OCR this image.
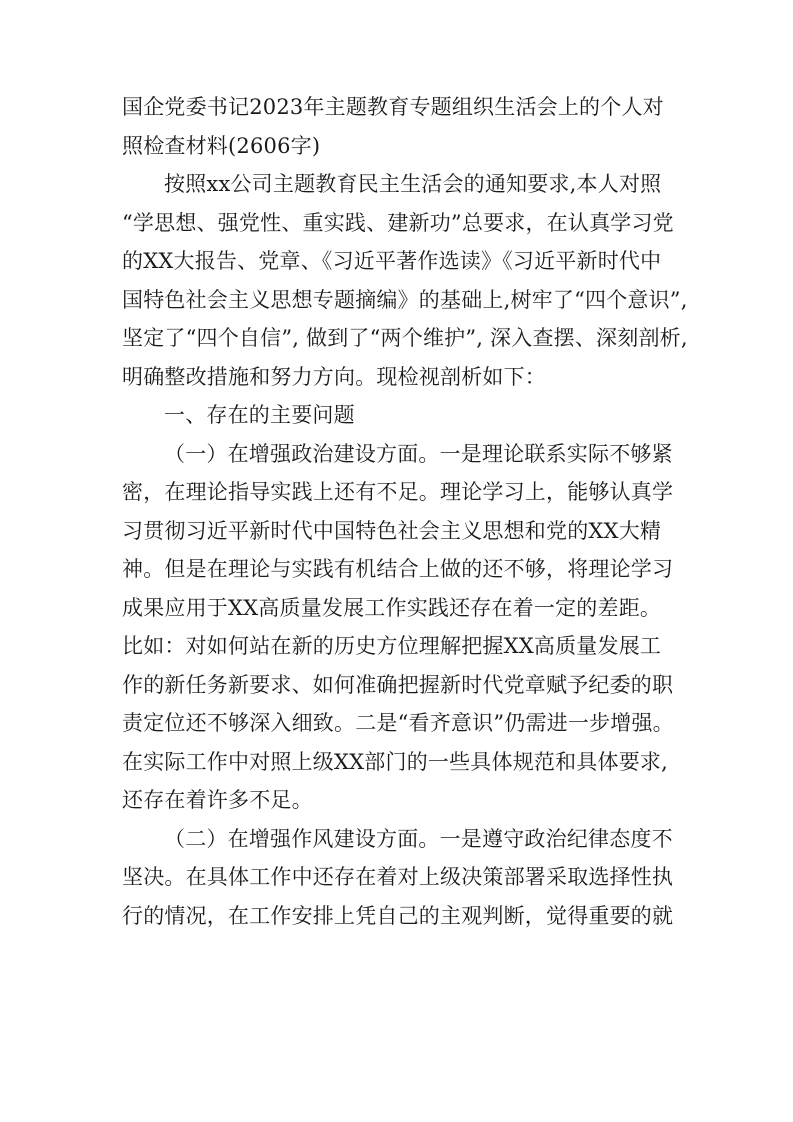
国企党委书记2023年主题教育专题组织生活会上的个人对
照检查材料(2606字)
按照xx公司主题教育民主生活会的通知要求,本人对照
“学思想、强党性、重实践、建新功”总要求，在认真学习党
的XX大报告、党章、《习近平著作选读》《习近平新时代中
国特色社会主义思想专题摘编》的基础上,树牢了“四个意识”,
坚定了“四个自信”, 做到了“两个维护”, 深入查摆、深刻剖析,
明确整改措施和努力方向。现检视剖析如下：
一、存在的主要问题
（一）在增强政治建设方面。一是理论联系实际不够紧
密，在理论指导实践上还有不足。理论学习上，能够认真学
习贯彻习近平新时代中国特色社会主义思想和党的XX大精
神。但是在理论与实践有机结合上做的还不够，将理论学习
成果应用于XX高质量发展工作实践还存在着一定的差距。
比如：对如何站在新的历史方位理解把握XX高质量发展工
作的新任务新要求、如何准确把握新时代党章赋予纪委的职
责定位还不够深入细致。二是“看齐意识”仍需进一步增强。
在实际工作中对照上级XX部门的一些具体规范和具体要求,
还存在着许多不足。
（二）在增强作风建设方面。一是遵守政治纪律态度不
坚决。在具体工作中还存在着对上级决策部署采取选择性执
行的情况，在工作安排上凭自己的主观判断，觉得重要的就
